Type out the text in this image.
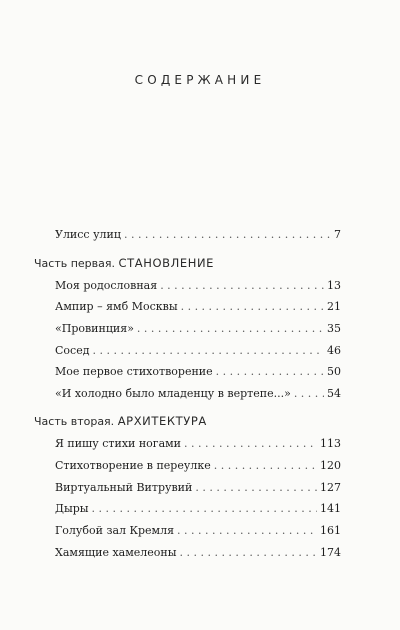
СОДЕРЖАНИЕ
Улисс улиц . . .	7
Часть первая. СТАНОВЛЕНИЕ
Моя родословная . . .	13
Ампир – ямб Москвы . . .	21
«Провинция» . . .	35
Сосед . . .	46
Мое первое стихотворение . . .	50
«И холодно было младенцу в вертепе...» . . .	54
Часть вторая. АРХИТЕКТУРА
Я пишу стихи ногами . . .	113
Стихотворение в переулке . . .	120
Виртуальный Витрувий . . .	127
Дыры . . .	141
Голубой зал Кремля . . .	161
Хамящие хамелеоны . . .	174
